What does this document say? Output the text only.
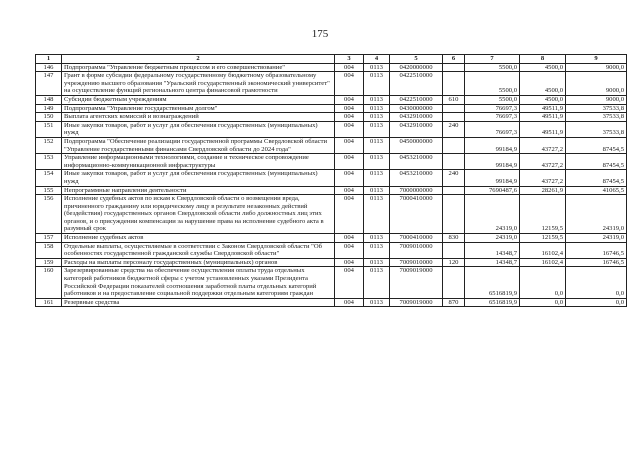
175
1	2	3	4	5	6	7	8	9
146	Подпрограмма "Управление бюджетным процессом и его совершенствование"	004	0113	0420000000		5500,0	4500,0	9000,0
147	Грант в форме субсидии федеральному государственному бюджетному образовательному учреждению высшего образования "Уральский государственный экономический университет" на осуществление функций регионального центра финансовой грамотности	004	0113	0422510000		5500,0	4500,0	9000,0
148	Субсидии бюджетным учреждениям	004	0113	0422510000	610	5500,0	4500,0	9000,0
149	Подпрограмма "Управление государственным долгом"	004	0113	0430000000		76697,3	49511,9	37533,8
150	Выплата агентских комиссий и вознаграждений	004	0113	0432910000		76697,3	49511,9	37533,8
151	Иные закупки товаров, работ и услуг для обеспечения государственных (муниципальных) нужд	004	0113	0432910000	240	76697,3	49511,9	37533,8
152	Подпрограмма "Обеспечение реализации государственной программы Свердловской области "Управление государственными финансами Свердловской области до 2024 года"	004	0113	0450000000		99184,9	43727,2	87454,5
153	Управление информационными технологиями, создание и техническое сопровождение информационно-коммуникационной инфраструктуры	004	0113	0453210000		99184,9	43727,2	87454,5
154	Иные закупки товаров, работ и услуг для обеспечения государственных (муниципальных) нужд	004	0113	0453210000	240	99184,9	43727,2	87454,5
155	Непрограммные направления деятельности	004	0113	7000000000		7690487,6	28261,9	41065,5
156	Исполнение судебных актов по искам к Свердловской области о возмещении вреда, причиненного гражданину или юридическому лицу в результате незаконных действий (бездействия) государственных органов Свердловской области либо должностных лиц этих органов, и о присуждении компенсации за нарушение права на исполнение судебного акта в разумный срок	004	0113	7000410000		24319,0	12159,5	24319,0
157	Исполнение судебных актов	004	0113	7000410000	830	24319,0	12159,5	24319,0
158	Отдельные выплаты, осуществляемые в соответствии с Законом Свердловской области "Об особенностях государственной гражданской службы Свердловской области"	004	0113	7009010000		14348,7	16102,4	16746,5
159	Расходы на выплаты персоналу государственных (муниципальных) органов	004	0113	7009010000	120	14348,7	16102,4	16746,5
160	Зарезервированные средства на обеспечение осуществления оплаты труда отдельных категорий работников бюджетной сферы с учетом установленных указами Президента Российской Федерации показателей соотношения заработной платы отдельных категорий работников и на предоставление социальной поддержки отдельным категориям граждан	004	0113	7009019000		6516819,9	0,0	0,0
161	Резервные средства	004	0113	7009019000	870	6516819,9	0,0	0,0
